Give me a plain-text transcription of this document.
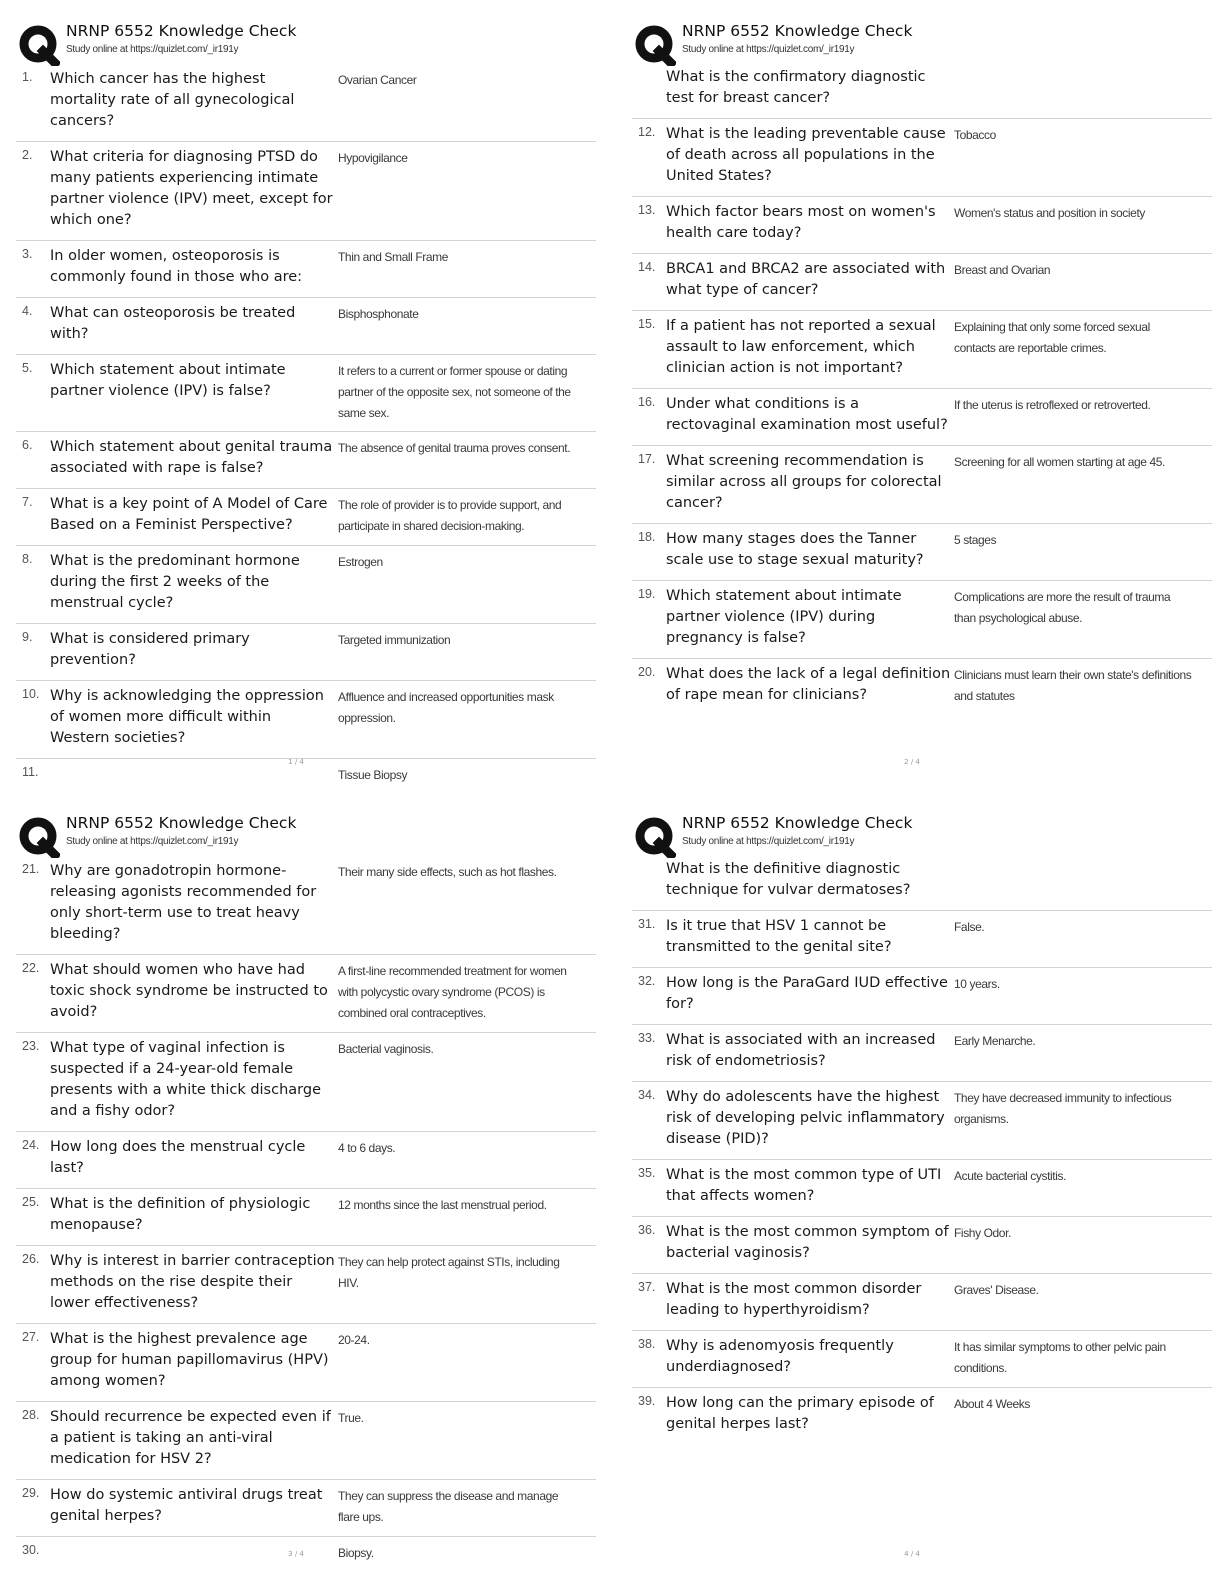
NRNP 6552 Knowledge Check
Study online at https://quizlet.com/_ir191y
1.	Which cancer has the highest mortality rate of all gynecological cancers?
Ovarian Cancer
2.	What criteria for diagnosing PTSD do many patients experiencing intimate partner violence (IPV) meet, except for which one?
Hypovigilance
3.	In older women, osteoporosis is commonly found in those who are:
Thin and Small Frame
4.	What can osteoporosis be treated with?
Bisphosphonate
5.	Which statement about intimate partner violence (IPV) is false?
It refers to a current or former spouse or dating partner of the opposite sex, not someone of the same sex.
6.	Which statement about genital trauma associated with rape is false?
The absence of genital trauma proves consent.
7.	What is a key point of A Model of Care Based on a Feminist Perspective?
The role of provider is to provide support, and participate in shared decision-making.
8.	What is the predominant hormone during the first 2 weeks of the menstrual cycle?
Estrogen
9.	What is considered primary prevention?
Targeted immunization
10. Why is acknowledging the oppression of women more difficult within Western societies?
Affluence and increased opportunities mask oppression.
11.	Tissue Biopsy
1 / 4
NRNP 6552 Knowledge Check
Study online at https://quizlet.com/_ir191y
What is the confirmatory diagnostic test for breast cancer?
12. What is the leading preventable cause of death across all populations in the United States?
Tobacco
13. Which factor bears most on women's health care today?
Women's status and position in society
14. BRCA1 and BRCA2 are associated with what type of cancer?
Breast and Ovarian
15. If a patient has not reported a sexual assault to law enforcement, which clinician action is not important?
Explaining that only some forced sexual contacts are reportable crimes.
16. Under what conditions is a rectovaginal examination most useful?
If the uterus is retroflexed or retroverted.
17. What screening recommendation is similar across all groups for colorectal cancer?
Screening for all women starting at age 45.
18. How many stages does the Tanner scale use to stage sexual maturity?
5 stages
19. Which statement about intimate partner violence (IPV) during pregnancy is false?
Complications are more the result of trauma than psychological abuse.
20. What does the lack of a legal definition of rape mean for clinicians?
Clinicians must learn their own state's definitions and statutes
2 / 4
NRNP 6552 Knowledge Check
Study online at https://quizlet.com/_ir191y
21. Why are gonadotropin hormone-releasing agonists recommended for only short-term use to treat heavy bleeding?
Their many side effects, such as hot flashes.
22. What should women who have had toxic shock syndrome be instructed to avoid?
A first-line recommended treatment for women with polycystic ovary syndrome (PCOS) is combined oral contraceptives.
23. What type of vaginal infection is suspected if a 24-year-old female presents with a white thick discharge and a fishy odor?
Bacterial vaginosis.
24. How long does the menstrual cycle last?
4 to 6 days.
25. What is the definition of physiologic menopause?
12 months since the last menstrual period.
26. Why is interest in barrier contraception methods on the rise despite their lower effectiveness?
They can help protect against STIs, including HIV.
27. What is the highest prevalence age group for human papillomavirus (HPV) among women?
20-24.
28. Should recurrence be expected even if a patient is taking an anti-viral medication for HSV 2?
True.
29. How do systemic antiviral drugs treat genital herpes?
They can suppress the disease and manage flare ups.
30.	Biopsy.
3 / 4
NRNP 6552 Knowledge Check
Study online at https://quizlet.com/_ir191y
What is the definitive diagnostic technique for vulvar dermatoses?
31. Is it true that HSV 1 cannot be transmitted to the genital site?
False.
32. How long is the ParaGard IUD effective for?
10 years.
33. What is associated with an increased risk of endometriosis?
Early Menarche.
34. Why do adolescents have the highest risk of developing pelvic inflammatory disease (PID)?
They have decreased immunity to infectious organisms.
35. What is the most common type of UTI that affects women?
Acute bacterial cystitis.
36. What is the most common symptom of bacterial vaginosis?
Fishy Odor.
37. What is the most common disorder leading to hyperthyroidism?
Graves' Disease.
38. Why is adenomyosis frequently underdiagnosed?
It has similar symptoms to other pelvic pain conditions.
39. How long can the primary episode of genital herpes last?
About 4 Weeks
4 / 4
